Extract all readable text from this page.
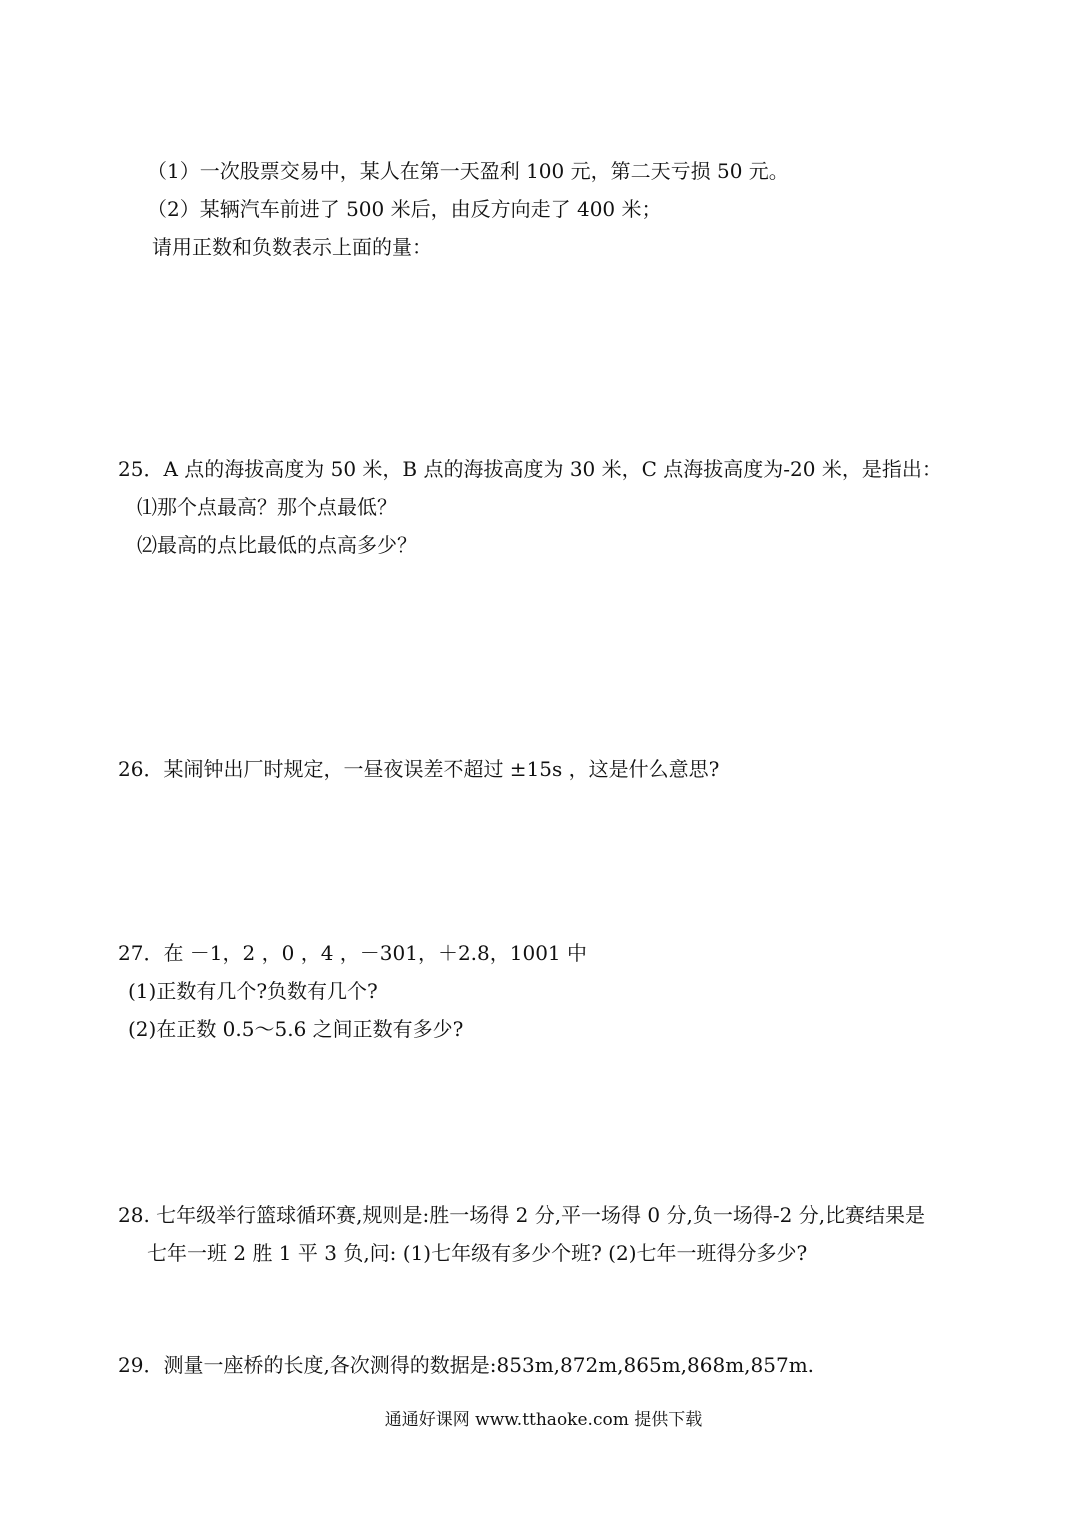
（1）一次股票交易中，某人在第一天盈利 100 元，第二天亏损 50 元。
（2）某辆汽车前进了 500 米后，由反方向走了 400 米；
请用正数和负数表示上面的量：
25．A 点的海拔高度为 50 米，B 点的海拔高度为 30 米，C 点海拔高度为-20 米，是指出：
⑴那个点最高？那个点最低？
⑵最高的点比最低的点高多少？
26．某闹钟出厂时规定，一昼夜误差不超过 ±15s ，这是什么意思?
27．在 －1，2 ，0 ，4 ，－301，＋2.8，1001 中
(1)正数有几个?负数有几个?
(2)在正数 0.5～5.6 之间正数有多少?
28. 七年级举行篮球循环赛,规则是:胜一场得 2 分,平一场得 0 分,负一场得-2 分,比赛结果是
七年一班 2 胜 1 平 3 负,问: (1)七年级有多少个班? (2)七年一班得分多少?
29．测量一座桥的长度,各次测得的数据是:853m,872m,865m,868m,857m.
通通好课网 www.tthaoke.com 提供下载
